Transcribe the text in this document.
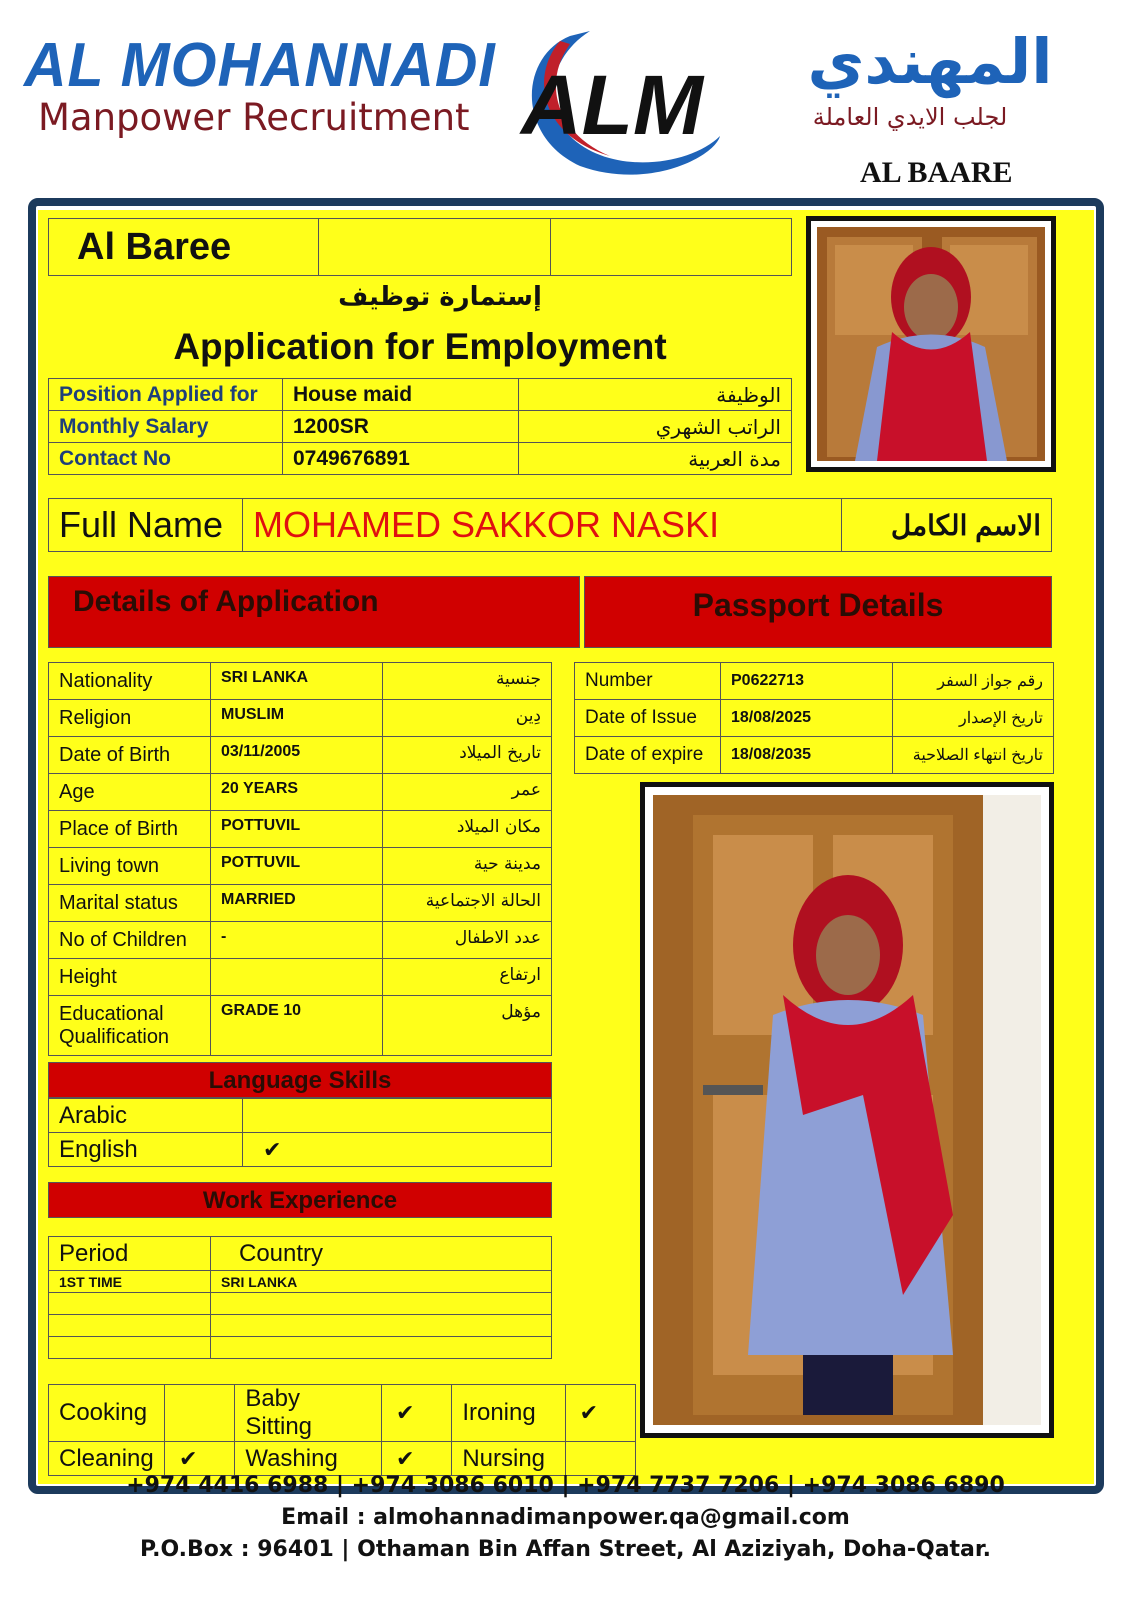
AL MOHANNADI
Manpower Recruitment ALM	المهندي
لجلب الايدي العاملة
AL BAARE
Al Baree		
إستمارة توظيف
Application for Employment
Position Applied for	House maid	الوظيفة
Monthly Salary	1200SR	الراتب الشهري
Contact No	0749676891	مدة العربية
Full Name	MOHAMED SAKKOR NASKI	الاسم الكامل
Details of Application	Passport Details
Nationality	SRI LANKA	جنسية
Religion	MUSLIM	دِين
Date of Birth	03/11/2005	تاريخ الميلاد
Age	20 YEARS	عمر
Place of Birth	POTTUVIL	مكان الميلاد
Living town	POTTUVIL	مدينة حية
Marital status	MARRIED	الحالة الاجتماعية
No of Children	-	عدد الاطفال
Height		ارتفاع
Educational Qualification	GRADE 10	مؤهل
Number	P0622713	رقم جواز السفر
Date of Issue	18/08/2025	تاريخ الإصدار
Date of expire	18/08/2035	تاريخ انتهاء الصلاحية
Language Skills
Arabic	
English	✔
Work Experience
Period	Country
1ST TIME	SRI LANKA

Cooking		Baby Sitting	✔	Ironing	✔
Cleaning	✔	Washing	✔	Nursing	
+974 4416 6988 | +974 3086 6010 | +974 7737 7206 | +974 3086 6890
Email : almohannadimanpower.qa@gmail.com
P.O.Box : 96401 | Othaman Bin Affan Street, Al Aziziyah, Doha-Qatar.
